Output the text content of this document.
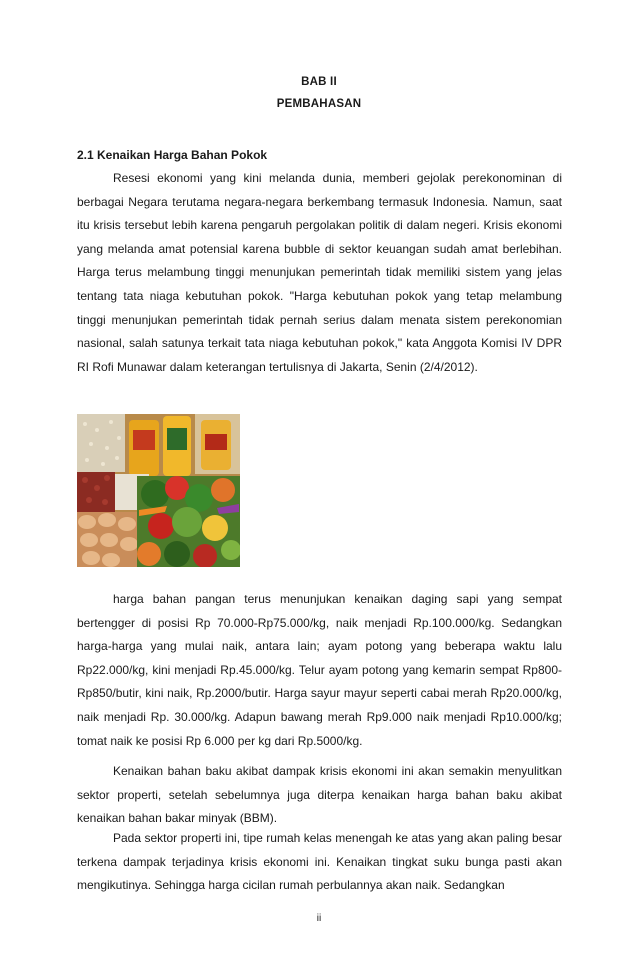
BAB II
PEMBAHASAN
2.1 Kenaikan Harga Bahan Pokok

Resesi ekonomi yang kini melanda dunia, memberi gejolak perekonominan di berbagai Negara terutama negara-negara berkembang termasuk Indonesia. Namun, saat itu krisis tersebut lebih karena pengaruh pergolakan politik di dalam negeri. Krisis ekonomi yang melanda amat potensial karena bubble di sektor keuangan sudah amat berlebihan. Harga terus melambung tinggi menunjukan pemerintah tidak memiliki sistem yang jelas tentang tata niaga kebutuhan pokok. "Harga kebutuhan pokok yang tetap melambung tinggi menunjukan pemerintah tidak pernah serius dalam menata sistem perekonomian nasional, salah satunya terkait tata niaga kebutuhan pokok," kata Anggota Komisi IV DPR RI Rofi Munawar dalam keterangan tertulisnya di Jakarta, Senin (2/4/2012).

harga bahan pangan terus menunjukan kenaikan daging sapi yang sempat bertengger di posisi Rp 70.000-Rp75.000/kg, naik menjadi Rp.100.000/kg. Sedangkan harga-harga yang mulai naik, antara lain; ayam potong yang beberapa waktu lalu Rp22.000/kg, kini menjadi Rp.45.000/kg. Telur ayam potong yang kemarin sempat Rp800-Rp850/butir, kini naik, Rp.2000/butir. Harga sayur mayur seperti cabai merah Rp20.000/kg, naik menjadi Rp. 30.000/kg. Adapun bawang merah Rp9.000 naik menjadi Rp10.000/kg; tomat naik ke posisi Rp 6.000 per kg dari Rp.5000/kg.

Kenaikan bahan baku akibat dampak krisis ekonomi ini akan semakin menyulitkan sektor properti, setelah sebelumnya juga diterpa kenaikan harga bahan baku akibat kenaikan bahan bakar minyak (BBM).

Pada sektor properti ini, tipe rumah kelas menengah ke atas yang akan paling besar terkena dampak terjadinya krisis ekonomi ini. Kenaikan tingkat suku bunga pasti akan mengikutinya. Sehingga harga cicilan rumah perbulannya akan naik. Sedangkan

ii
